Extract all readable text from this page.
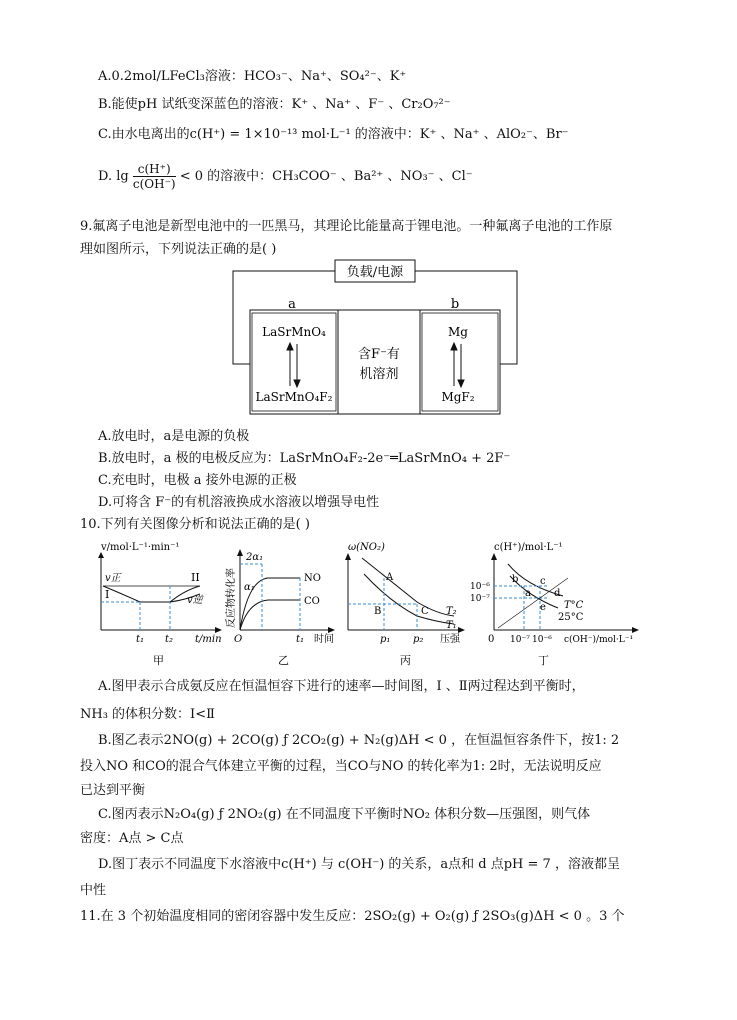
A.0.2mol/LFeCl₃溶液：HCO₃⁻、Na⁺、SO₄²⁻、K⁺
B.能使pH 试纸变深蓝色的溶液：K⁺ 、Na⁺ 、F⁻ 、Cr₂O₇²⁻
C.由水电离出的c(H⁺) = 1×10⁻¹³ mol·L⁻¹ 的溶液中：K⁺ 、Na⁺ 、AlO₂⁻、Br⁻
D. $\lg \frac{c(H^+)}{c(OH^-)} < 0$ 的溶液中：CH₃COO⁻ 、Ba²⁺ 、NO₃⁻ 、Cl⁻
9.氟离子电池是新型电池中的一匹黑马，其理论比能量高于锂电池。一种氟离子电池的工作原
理如图所示，下列说法正确的是( )
负载/电源
a	b
LaSrMnO₄
LaSrMnO₄F₂
含F⁻有
机溶剂
Mg
MgF₂
A.放电时，a是电源的负极
B.放电时，a 极的电极反应为：LaSrMnO₄F₂-2e⁻═LaSrMnO₄ + 2F⁻
C.充电时，电极 a 接外电源的正极
D.可将含 F⁻的有机溶液换成水溶液以增强导电性
10.下列有关图像分析和说法正确的是( )
v/mol·L⁻¹·min⁻¹
v正
I
II
v逆
t₁ t₂ t/min
甲
反应物转化率
2α₁
α₁
NO
CO
O	t₁ 时间
乙
ω(NO₂)
A
B	C T₂
T₁
p₁ p₂ 压强
丙
c(H⁺)/mol·L⁻¹
10⁻⁶
10⁻⁷
b c
a d
e T°C
25°C
0 10⁻⁷ 10⁻⁶ c(OH⁻)/mol·L⁻¹
丁
A.图甲表示合成氨反应在恒温恒容下进行的速率—时间图，Ⅰ 、Ⅱ两过程达到平衡时，
NH₃ 的体积分数：Ⅰ<Ⅱ
B.图乙表示2NO(g) + 2CO(g) ƒ 2CO₂(g) + N₂(g)ΔH < 0 ，在恒温恒容条件下，按1: 2
投入NO 和CO的混合气体建立平衡的过程，当CO与NO 的转化率为1: 2时，无法说明反应
已达到平衡
C.图丙表示N₂O₄(g) ƒ 2NO₂(g) 在不同温度下平衡时NO₂ 体积分数—压强图，则气体
密度：A点 > C点
D.图丁表示不同温度下水溶液中c(H⁺) 与 c(OH⁻) 的关系，a点和 d 点pH = 7 ，溶液都呈
中性
11.在 3 个初始温度相同的密闭容器中发生反应：2SO₂(g) + O₂(g) ƒ 2SO₃(g)ΔH < 0 。3 个
